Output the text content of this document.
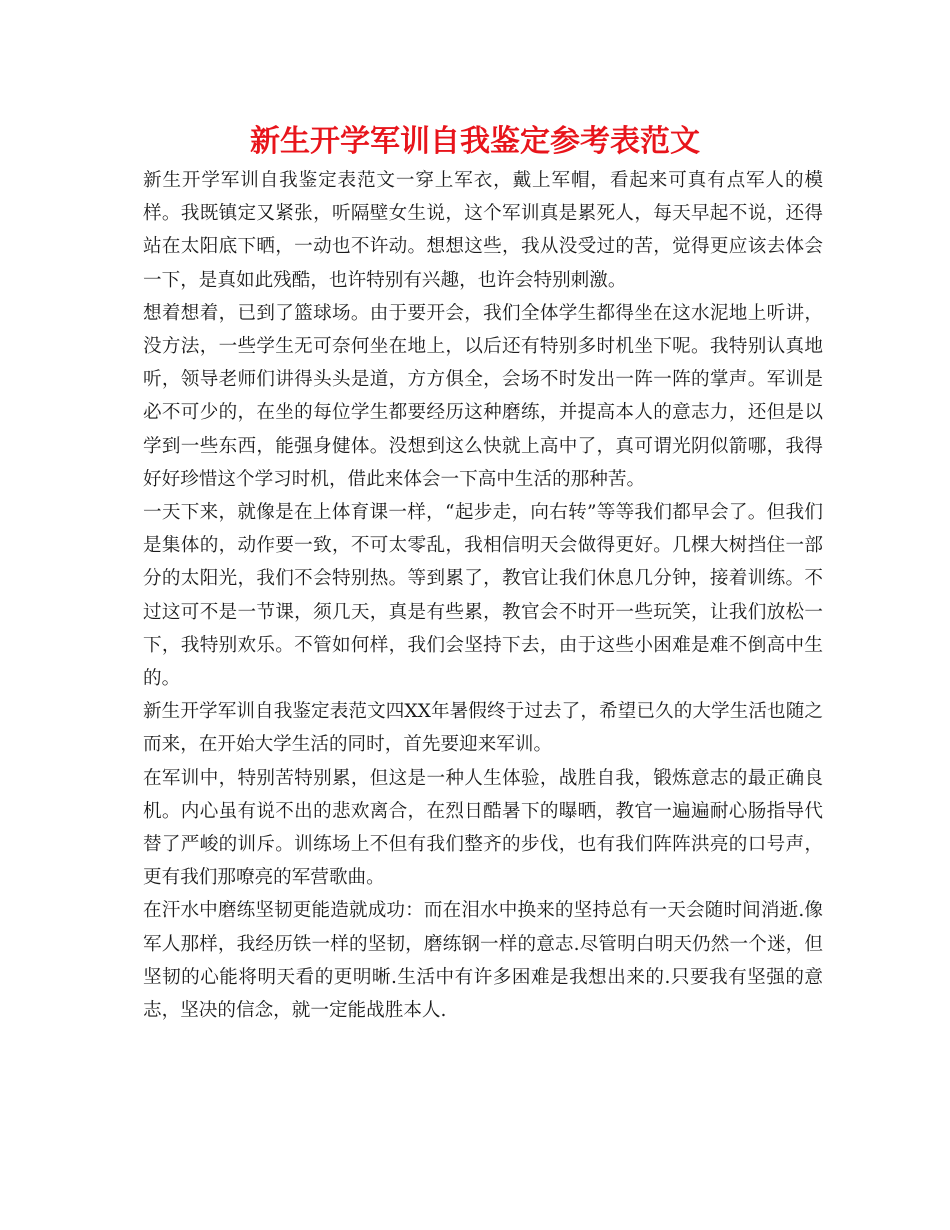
新生开学军训自我鉴定参考表范文

新生开学军训自我鉴定表范文一穿上军衣，戴上军帽，看起来可真有点军人的模样。我既镇定又紧张，听隔壁女生说，这个军训真是累死人，每天早起不说，还得站在太阳底下晒，一动也不许动。想想这些，我从没受过的苦，觉得更应该去体会一下，是真如此残酷，也许特别有兴趣，也许会特别刺激。

想着想着，已到了篮球场。由于要开会，我们全体学生都得坐在这水泥地上听讲，没方法，一些学生无可奈何坐在地上，以后还有特别多时机坐下呢。我特别认真地听，领导老师们讲得头头是道，方方俱全，会场不时发出一阵一阵的掌声。军训是必不可少的，在坐的每位学生都要经历这种磨练，并提高本人的意志力，还但是以学到一些东西，能强身健体。没想到这么快就上高中了，真可谓光阴似箭哪，我得好好珍惜这个学习时机，借此来体会一下高中生活的那种苦。

一天下来，就像是在上体育课一样，“起步走，向右转”等等我们都早会了。但我们是集体的，动作要一致，不可太零乱，我相信明天会做得更好。几棵大树挡住一部分的太阳光，我们不会特别热。等到累了，教官让我们休息几分钟，接着训练。不过这可不是一节课，须几天，真是有些累，教官会不时开一些玩笑，让我们放松一下，我特别欢乐。不管如何样，我们会坚持下去，由于这些小困难是难不倒高中生的。

新生开学军训自我鉴定表范文四XX年暑假终于过去了，希望已久的大学生活也随之而来，在开始大学生活的同时，首先要迎来军训。

在军训中，特别苦特别累，但这是一种人生体验，战胜自我，锻炼意志的最正确良机。内心虽有说不出的悲欢离合，在烈日酷暑下的曝晒，教官一遍遍耐心肠指导代替了严峻的训斥。训练场上不但有我们整齐的步伐，也有我们阵阵洪亮的口号声，更有我们那嘹亮的军营歌曲。

在汗水中磨练坚韧更能造就成功：而在泪水中换来的坚持总有一天会随时间消逝.像军人那样，我经历铁一样的坚韧，磨练钢一样的意志.尽管明白明天仍然一个迷，但坚韧的心能将明天看的更明晰.生活中有许多困难是我想出来的.只要我有坚强的意志，坚决的信念，就一定能战胜本人.
